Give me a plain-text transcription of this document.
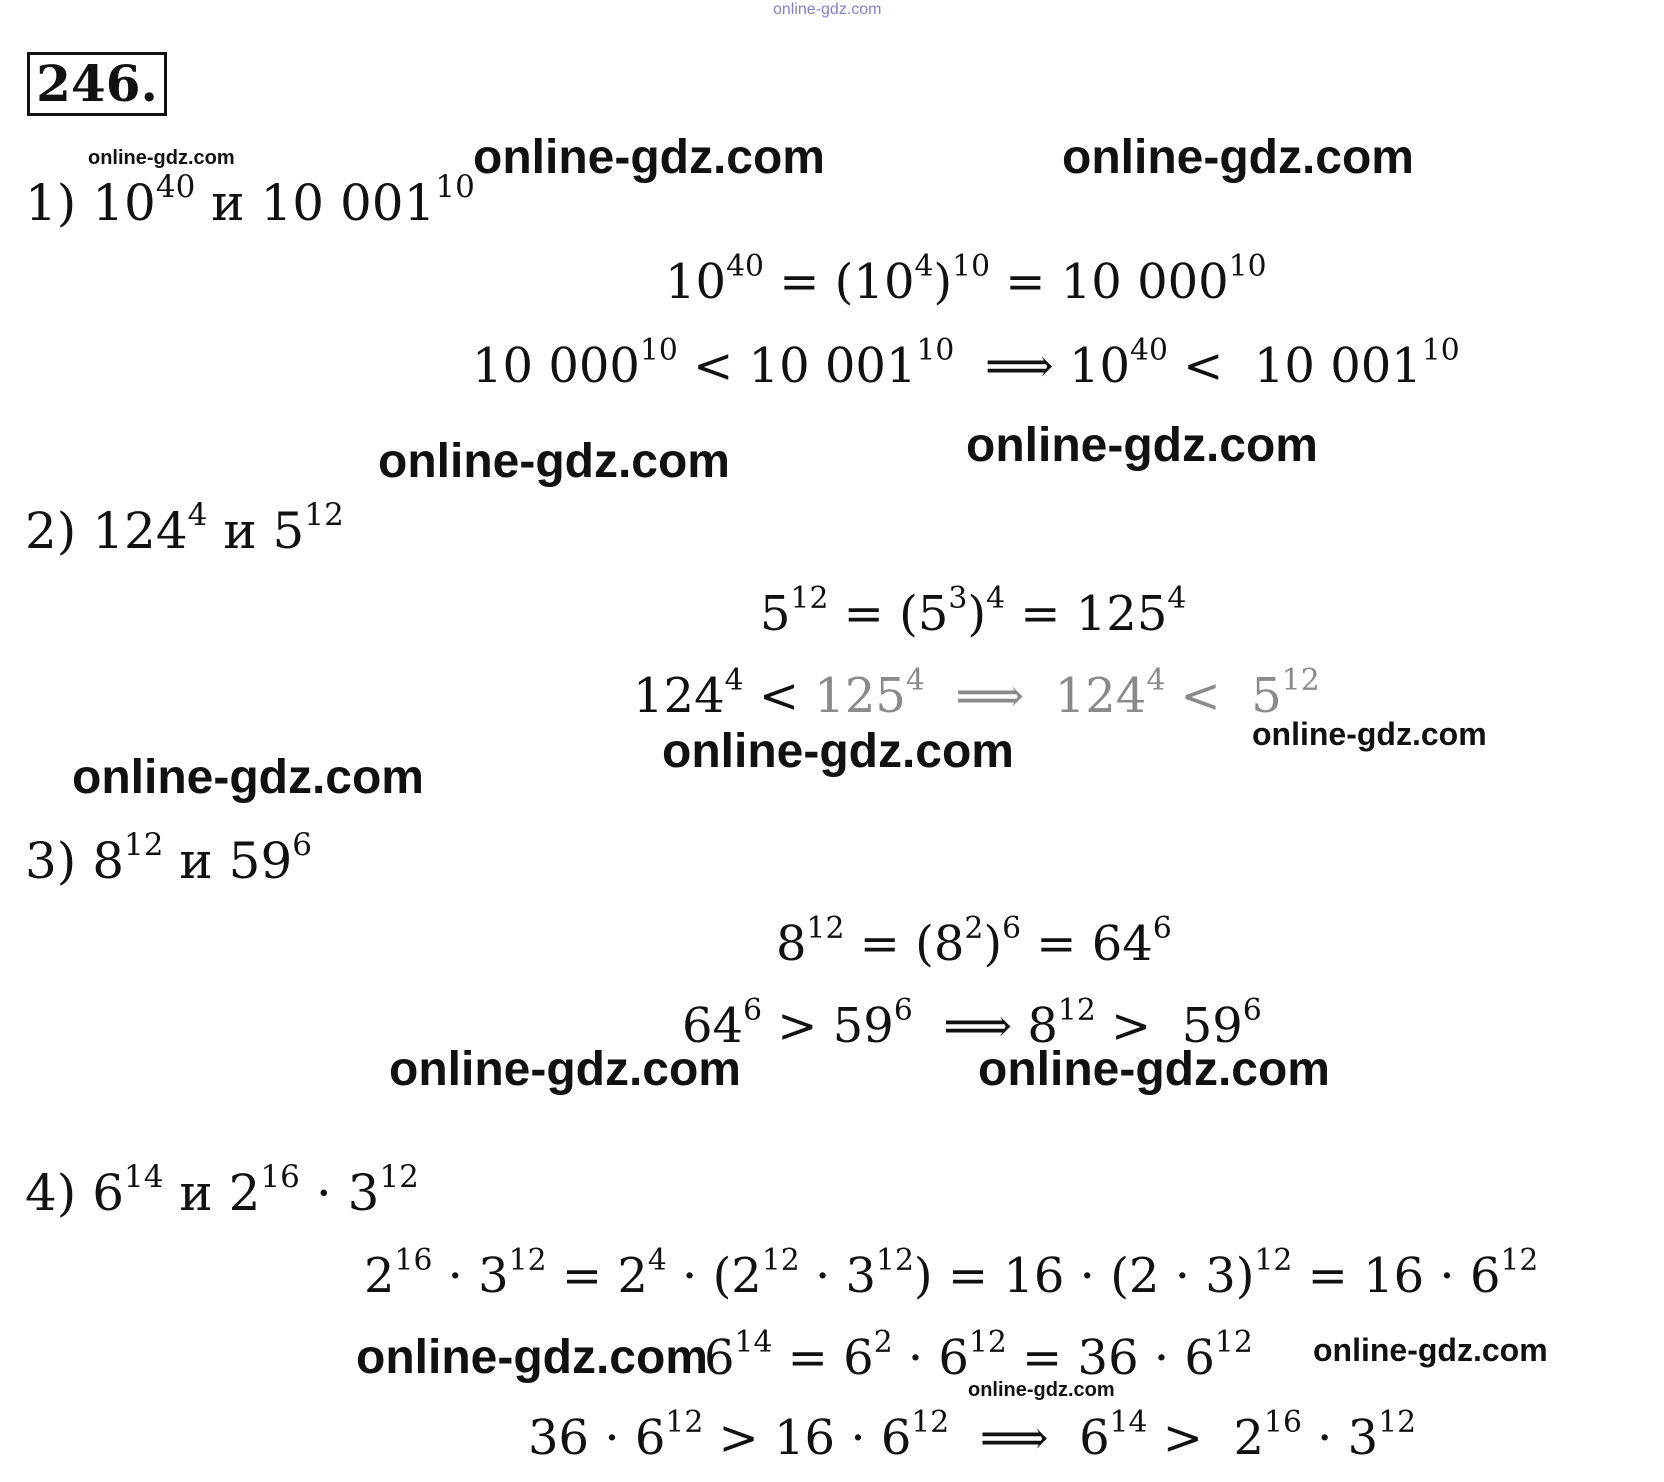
online-gdz.com
246.
online-gdz.com	online-gdz.com	online-gdz.com
1) $10^{40}$ и 10 $001^{10}$
$10^{40} = (10^4)^{10} = 10$ $000^{10}$
10 $000^{10} < 10$ $001^{10}$  ⟹ $10^{40} < 10$ $001^{10}$
online-gdz.com	online-gdz.com
2) $124^4$ и $5^{12}$
$5^{12} = (5^3)^4 = 125^4$
$124^4 < 125^4$  ⟹  $124^4 < 5^{12}$
online-gdz.com
online-gdz.com
online-gdz.com
3) $8^{12}$ и $59^6$
$8^{12} = (8^2)^6 = 64^6$
$64^6 > 59^6$  ⟹ $8^{12} > 59^6$
online-gdz.com	online-gdz.com
4) $6^{14}$ и $2^{16} \cdot 3^{12}$
$2^{16} \cdot 3^{12} = 2^4 \cdot (2^{12} \cdot 3^{12}) = 16 \cdot (2 \cdot 3)^{12} = 16 \cdot 6^{12}$
online-gdz.com
$6^{14} = 6^2 \cdot 6^{12} = 36 \cdot 6^{12}$ online-gdz.com
online-gdz.com
$36 \cdot 6^{12} > 16 \cdot 6^{12}$  ⟹  $6^{14} > 2^{16} \cdot 3^{12}$
